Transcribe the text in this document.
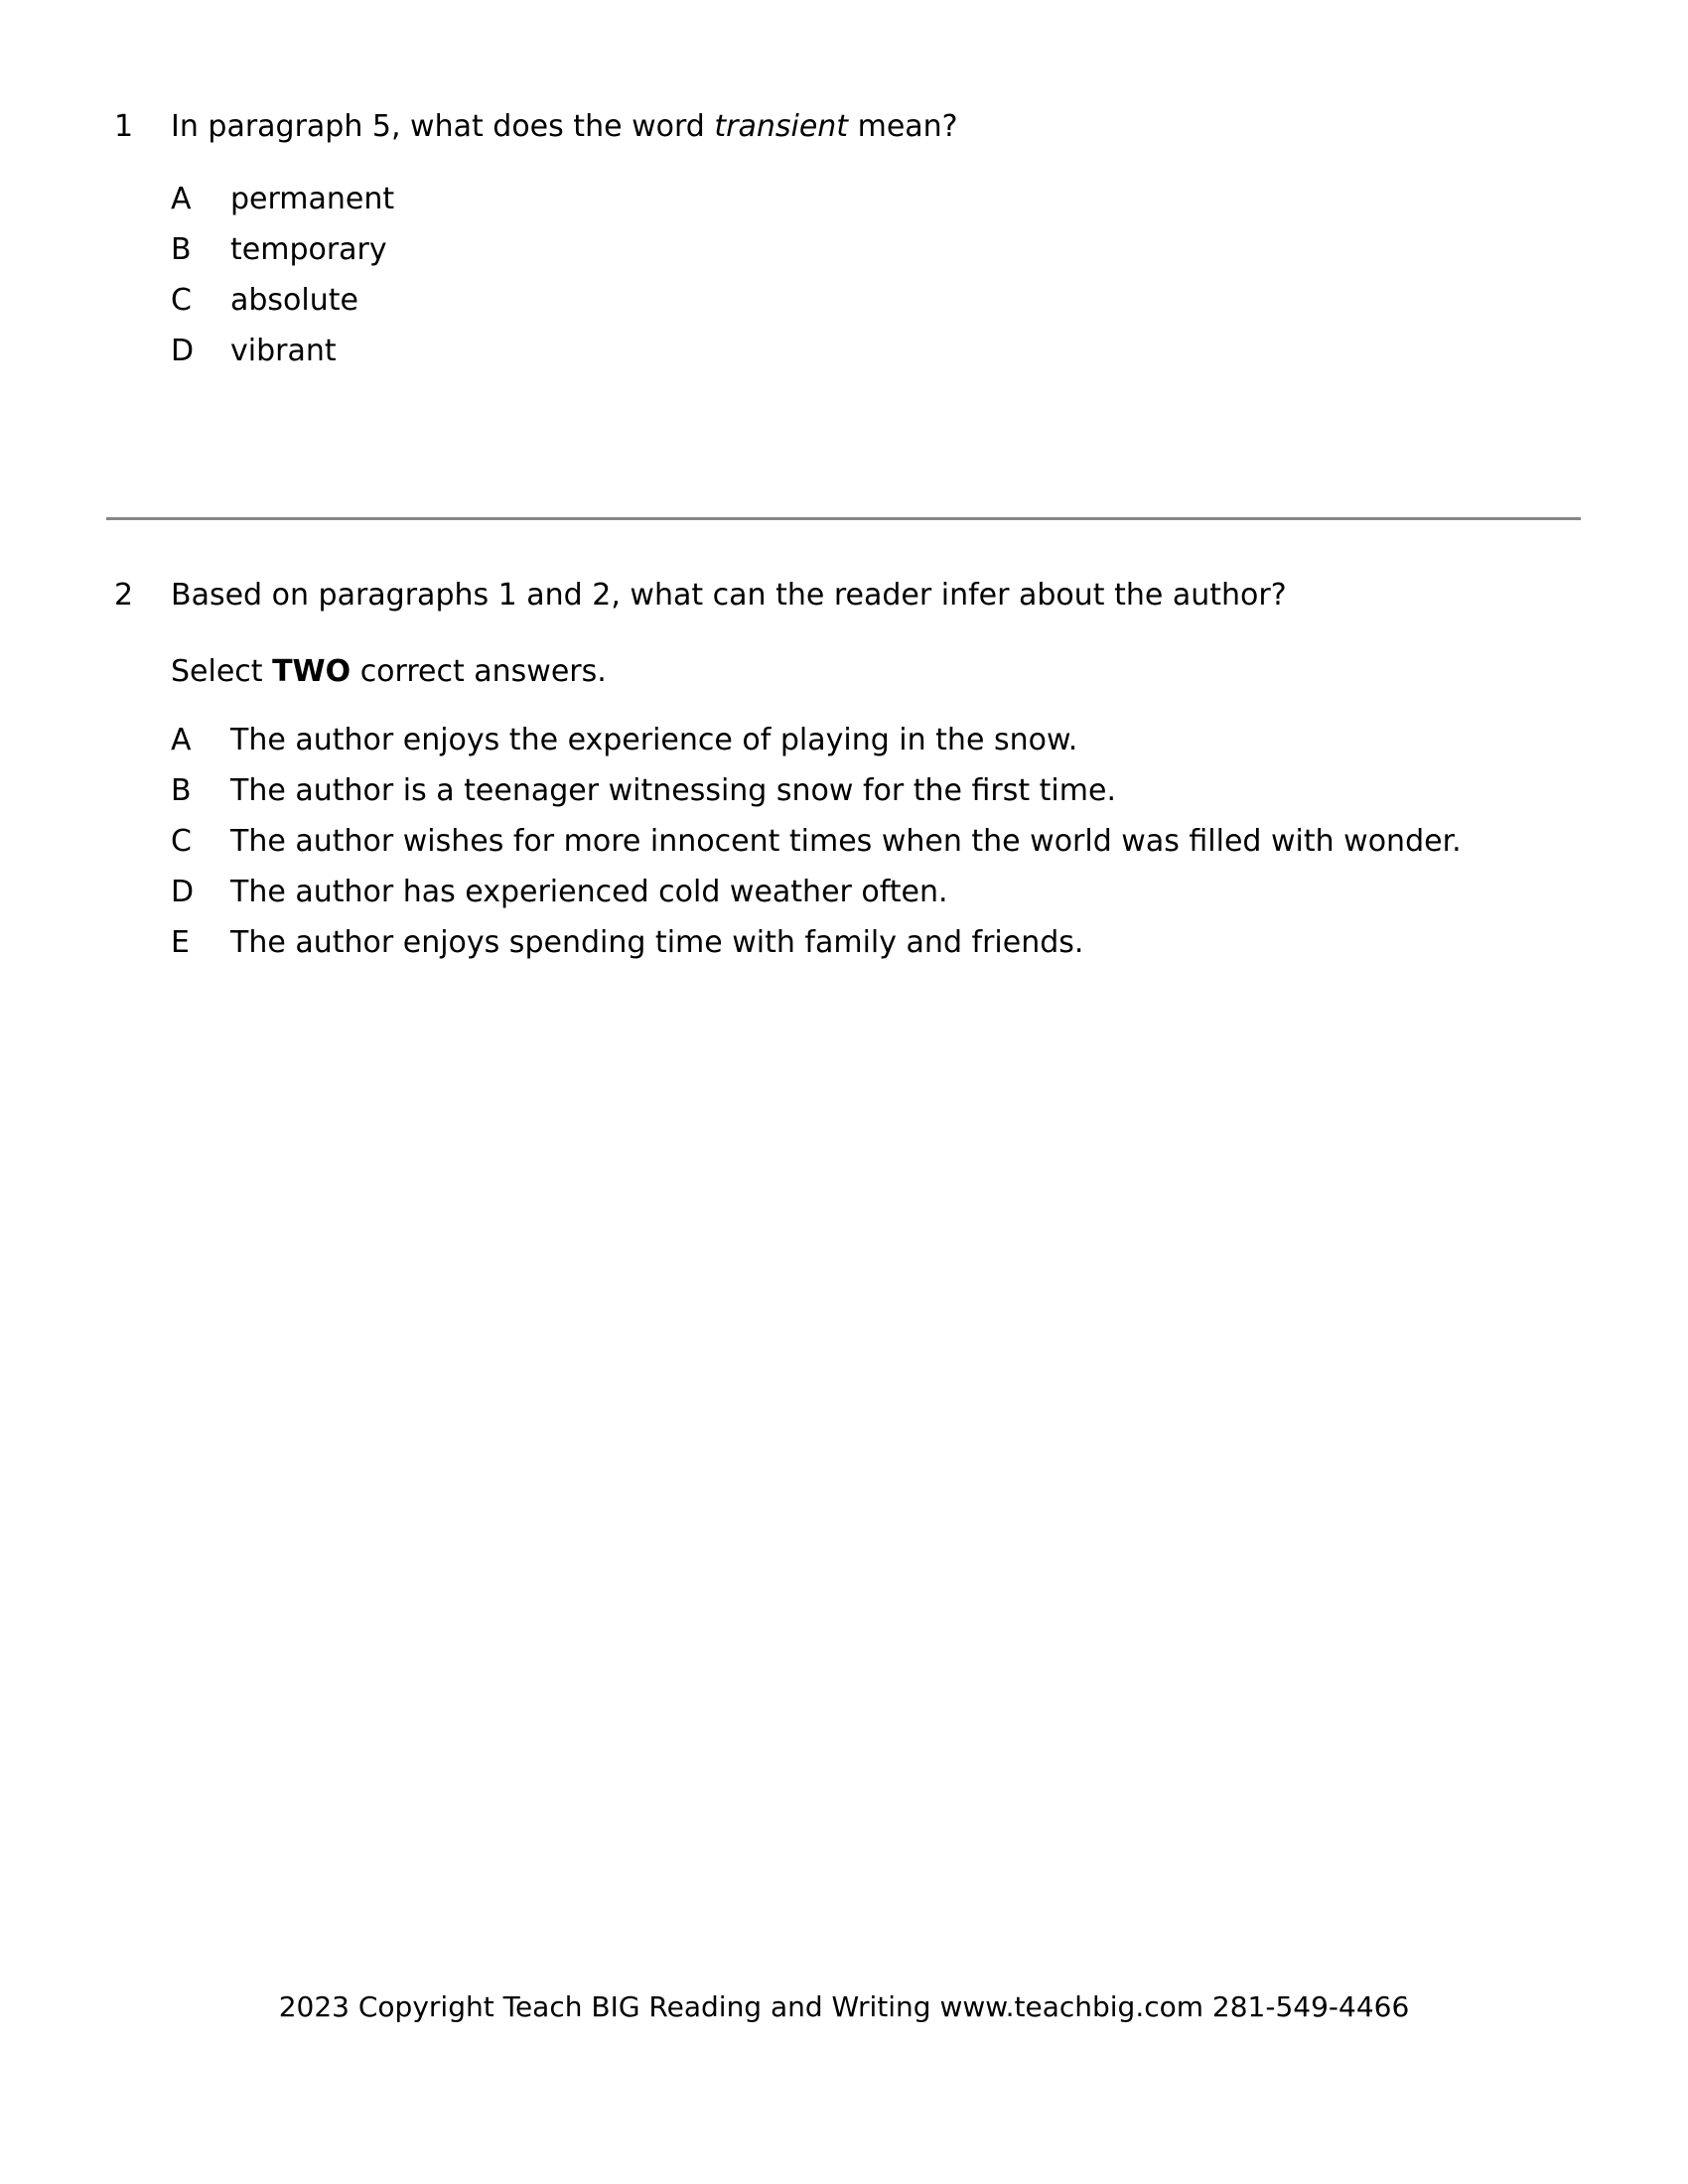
1	In paragraph 5, what does the word transient mean?
A	permanent
B	temporary
C	absolute
D	vibrant
2	Based on paragraphs 1 and 2, what can the reader infer about the author?
Select TWO correct answers.
A	The author enjoys the experience of playing in the snow.
B	The author is a teenager witnessing snow for the first time.
C	The author wishes for more innocent times when the world was filled with wonder.
D	The author has experienced cold weather often.
E	The author enjoys spending time with family and friends.
2023 Copyright Teach BIG Reading and Writing www.teachbig.com 281-549-4466
